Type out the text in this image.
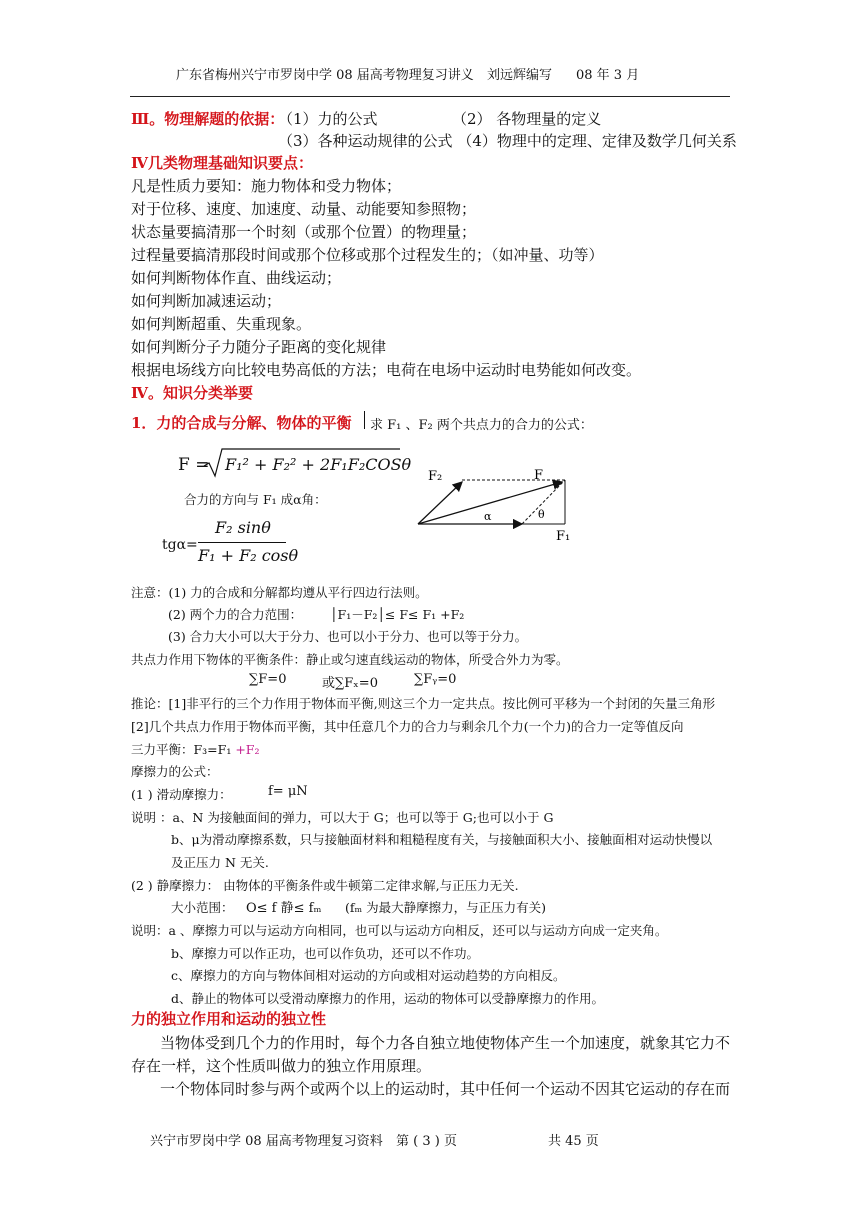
广东省梅州兴宁市罗岗中学 08 届高考物理复习讲义 刘远辉编写 08 年 3 月
Ⅲ。物理解题的依据：
（1）力的公式	（2） 各物理量的定义
（3）各种运动规律的公式 （4）物理中的定理、定律及数学几何关系
Ⅳ几类物理基础知识要点：
凡是性质力要知：施力物体和受力物体；
对于位移、速度、加速度、动量、动能要知参照物；
状态量要搞清那一个时刻（或那个位置）的物理量；
过程量要搞清那段时间或那个位移或那个过程发生的；（如冲量、功等）
如何判断物体作直、曲线运动；
如何判断加减速运动；
如何判断超重、失重现象。
如何判断分子力随分子距离的变化规律
根据电场线方向比较电势高低的方法；电荷在电场中运动时电势能如何改变。
Ⅳ。知识分类举要
1．力的合成与分解、物体的平衡 求 F₁ 、F₂ 两个共点力的合力的公式：
F = F₁² + F₂² + 2F₁F₂COSθ
合力的方向与 F₁ 成α角：
tgα=
F₂ sinθ
F₁ + F₂ cosθ
F₂	F
F₁
α	θ
注意：(1) 力的合成和分解都均遵从平行四边行法则。
(2) 两个力的合力范围： │F₁－F₂│≤ F≤ F₁ +F₂
(3) 合力大小可以大于分力、也可以小于分力、也可以等于分力。
共点力作用下物体的平衡条件：静止或匀速直线运动的物体，所受合外力为零。
∑F=0	或∑Fₓ=0	∑Fᵧ=0
推论：[1]非平行的三个力作用于物体而平衡,则这三个力一定共点。按比例可平移为一个封闭的矢量三角形
[2]几个共点力作用于物体而平衡，其中任意几个力的合力与剩余几个力(一个力)的合力一定等值反向
三力平衡：F₃=F₁ +F₂
摩擦力的公式：
(1 ) 滑动摩擦力：	f= μN
说明 ：a、N 为接触面间的弹力，可以大于 G；也可以等于 G;也可以小于 G
b、μ为滑动摩擦系数，只与接触面材料和粗糙程度有关，与接触面积大小、接触面相对运动快慢以
及正压力 N 无关.
(2 ) 静摩擦力： 由物体的平衡条件或牛顿第二定律求解,与正压力无关.
大小范围： O≤ f 静≤ fₘ (fₘ 为最大静摩擦力，与正压力有关)
说明：a 、摩擦力可以与运动方向相同，也可以与运动方向相反，还可以与运动方向成一定夹角。
b、摩擦力可以作正功，也可以作负功，还可以不作功。
c、摩擦力的方向与物体间相对运动的方向或相对运动趋势的方向相反。
d、静止的物体可以受滑动摩擦力的作用，运动的物体可以受静摩擦力的作用。
力的独立作用和运动的独立性
当物体受到几个力的作用时，每个力各自独立地使物体产生一个加速度，就象其它力不
存在一样，这个性质叫做力的独立作用原理。
一个物体同时参与两个或两个以上的运动时，其中任何一个运动不因其它运动的存在而
兴宁市罗岗中学 08 届高考物理复习资料 第 ( 3 ) 页	共 45 页
